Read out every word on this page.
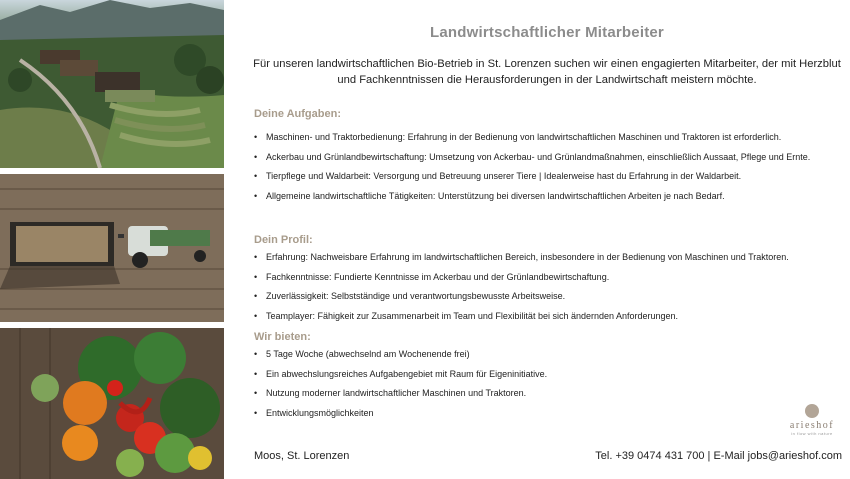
Landwirtschaftlicher Mitarbeiter
Für unseren landwirtschaftlichen Bio-Betrieb in St. Lorenzen suchen wir einen engagierten Mitarbeiter, der mit Herzblut und Fachkenntnissen die Herausforderungen in der Landwirtschaft meistern möchte.
Deine Aufgaben:
• Maschinen- und Traktorbedienung: Erfahrung in der Bedienung von landwirtschaftlichen Maschinen und Traktoren ist erforderlich.
• Ackerbau und Grünlandbewirtschaftung: Umsetzung von Ackerbau- und Grünlandmaßnahmen, einschließlich Aussaat, Pflege und Ernte.
• Tierpflege und Waldarbeit: Versorgung und Betreuung unserer Tiere | Idealerweise hast du Erfahrung in der Waldarbeit.
• Allgemeine landwirtschaftliche Tätigkeiten: Unterstützung bei diversen landwirtschaftlichen Arbeiten je nach Bedarf.
Dein Profil:
• Erfahrung: Nachweisbare Erfahrung im landwirtschaftlichen Bereich, insbesondere in der Bedienung von Maschinen und Traktoren.
• Fachkenntnisse: Fundierte Kenntnisse im Ackerbau und der Grünlandbewirtschaftung.
• Zuverlässigkeit: Selbstständige und verantwortungsbewusste Arbeitsweise.
• Teamplayer: Fähigkeit zur Zusammenarbeit im Team und Flexibilität bei sich ändernden Anforderungen.
Wir bieten:
• 5 Tage Woche (abwechselnd am Wochenende frei)
• Ein abwechslungsreiches Aufgabengebiet mit Raum für Eigeninitiative.
• Nutzung moderner landwirtschaftlicher Maschinen und Traktoren.
• Entwicklungsmöglichkeiten
arieshof
in flow with nature
Moos, St. Lorenzen	Tel. +39 0474 431 700 | E-Mail jobs@arieshof.com
